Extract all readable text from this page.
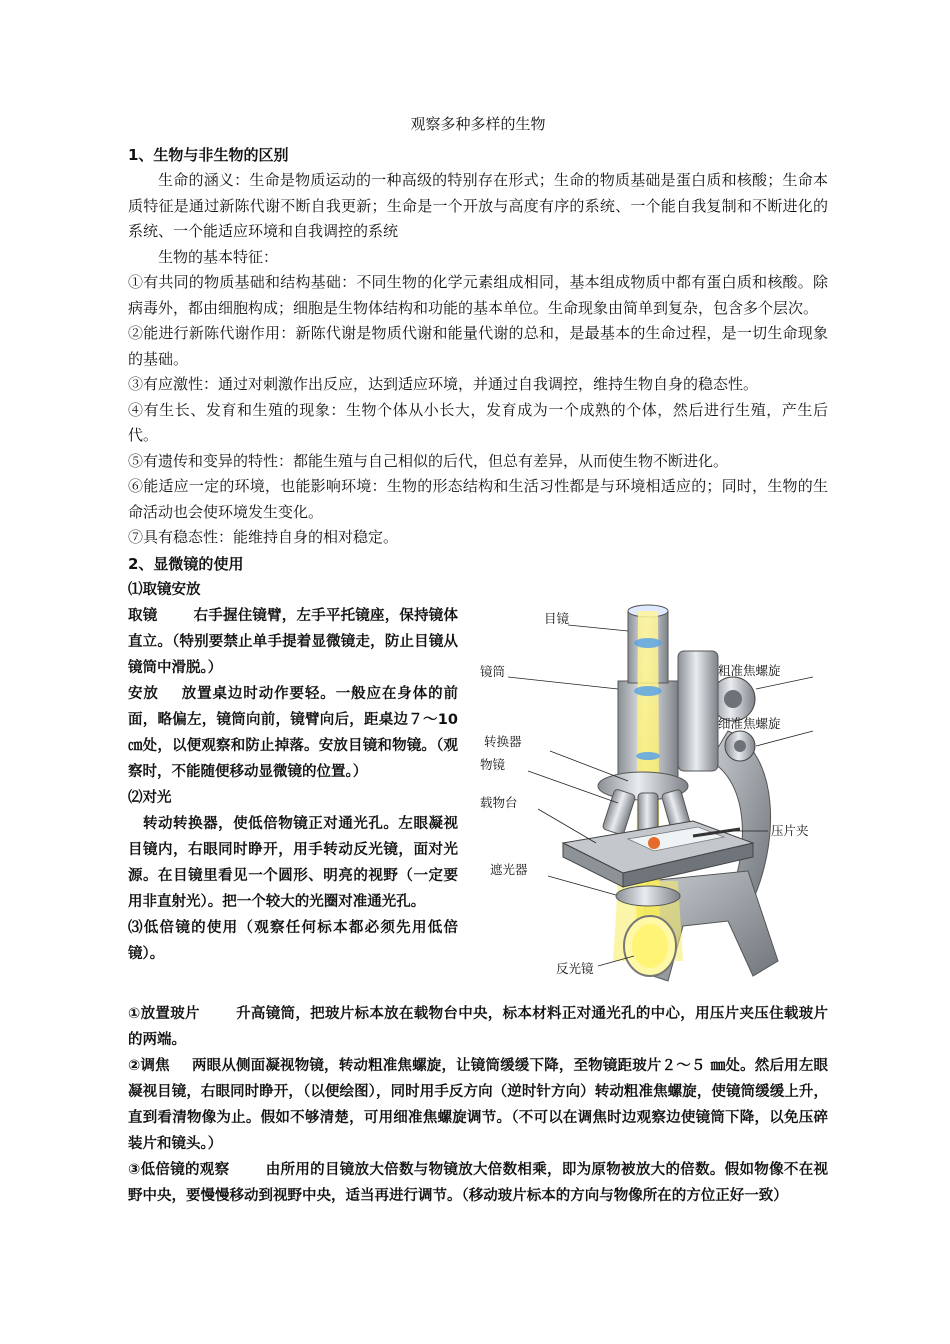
观察多种多样的生物

1、生物与非生物的区别

生命的涵义：生命是物质运动的一种高级的特别存在形式；生命的物质基础是蛋白质和核酸；生命本质特征是通过新陈代谢不断自我更新；生命是一个开放与高度有序的系统、一个能自我复制和不断进化的系统、一个能适应环境和自我调控的系统

生物的基本特征：

①有共同的物质基础和结构基础：不同生物的化学元素组成相同，基本组成物质中都有蛋白质和核酸。除病毒外，都由细胞构成；细胞是生物体结构和功能的基本单位。生命现象由简单到复杂，包含多个层次。

②能进行新陈代谢作用：新陈代谢是物质代谢和能量代谢的总和，是最基本的生命过程，是一切生命现象的基础。

③有应激性：通过对刺激作出反应，达到适应环境，并通过自我调控，维持生物自身的稳态性。

④有生长、发育和生殖的现象：生物个体从小长大，发育成为一个成熟的个体，然后进行生殖，产生后代。

⑤有遗传和变异的特性：都能生殖与自己相似的后代，但总有差异，从而使生物不断进化。

⑥能适应一定的环境，也能影响环境：生物的形态结构和生活习性都是与环境相适应的；同时，生物的生命活动也会使环境发生变化。

⑦具有稳态性：能维持自身的相对稳定。

2、显微镜的使用

⑴取镜安放

取镜 右手握住镜臂，左手平托镜座，保持镜体直立。（特别要禁止单手提着显微镜走，防止目镜从镜筒中滑脱。）

安放 放置桌边时动作要轻。一般应在身体的前面，略偏左，镜筒向前，镜臂向后，距桌边７～10 ㎝处，以便观察和防止掉落。安放目镜和物镜。（观察时，不能随便移动显微镜的位置。）

⑵对光

转动转换器，使低倍物镜正对通光孔。左眼凝视目镜内，右眼同时睁开，用手转动反光镜，面对光源。在目镜里看见一个圆形、明亮的视野（一定要用非直射光）。把一个较大的光圈对准通光孔。

⑶低倍镜的使用（观察任何标本都必须先用低倍镜）。

目镜
镜筒	粗准焦螺旋
细准焦螺旋
转换器
物镜
载物台
压片夹
遮光器
反光镜

①放置玻片 升高镜筒，把玻片标本放在载物台中央，标本材料正对通光孔的中心，用压片夹压住载玻片的两端。

②调焦 两眼从侧面凝视物镜，转动粗准焦螺旋，让镜筒缓缓下降，至物镜距玻片２～５ ㎜处。然后用左眼凝视目镜，右眼同时睁开，（以便绘图），同时用手反方向（逆时针方向）转动粗准焦螺旋，使镜筒缓缓上升，直到看清物像为止。假如不够清楚，可用细准焦螺旋调节。（不可以在调焦时边观察边使镜筒下降，以免压碎装片和镜头。）

③低倍镜的观察 由所用的目镜放大倍数与物镜放大倍数相乘，即为原物被放大的倍数。假如物像不在视野中央，要慢慢移动到视野中央，适当再进行调节。（移动玻片标本的方向与物像所在的方位正好一致）
